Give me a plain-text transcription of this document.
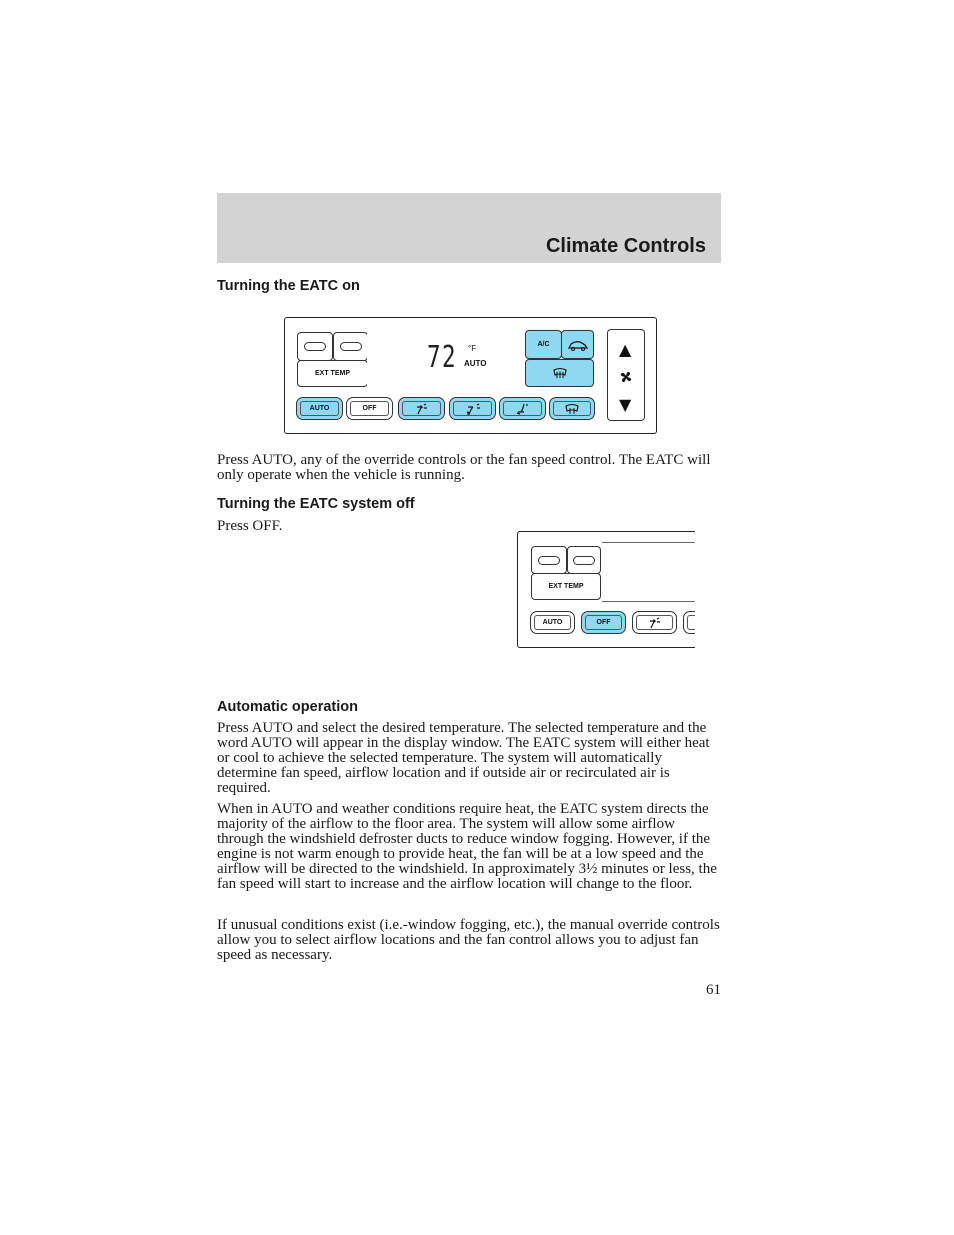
Climate Controls
Turning the EATC on
EXT TEMP	72 °F
AUTO
A/C
AUTO	OFF
▲
▼

Press AUTO, any of the override controls or the fan speed control. The EATC will only operate when the vehicle is running.

Turning the EATC system off

Press OFF.

EXT TEMP
AUTO	OFF
Automatic operation

Press AUTO and select the desired temperature. The selected temperature and the word AUTO will appear in the display window. The EATC system will either heat or cool to achieve the selected temperature. The system will automatically determine fan speed, airflow location and if outside air or recirculated air is required.

When in AUTO and weather conditions require heat, the EATC system directs the majority of the airflow to the floor area. The system will allow some airflow through the windshield defroster ducts to reduce window fogging. However, if the engine is not warm enough to provide heat, the fan will be at a low speed and the airflow will be directed to the windshield. In approximately 3½ minutes or less, the fan speed will start to increase and the airflow location will change to the floor.

If unusual conditions exist (i.e.-window fogging, etc.), the manual override controls allow you to select airflow locations and the fan control allows you to adjust fan speed as necessary.

61
